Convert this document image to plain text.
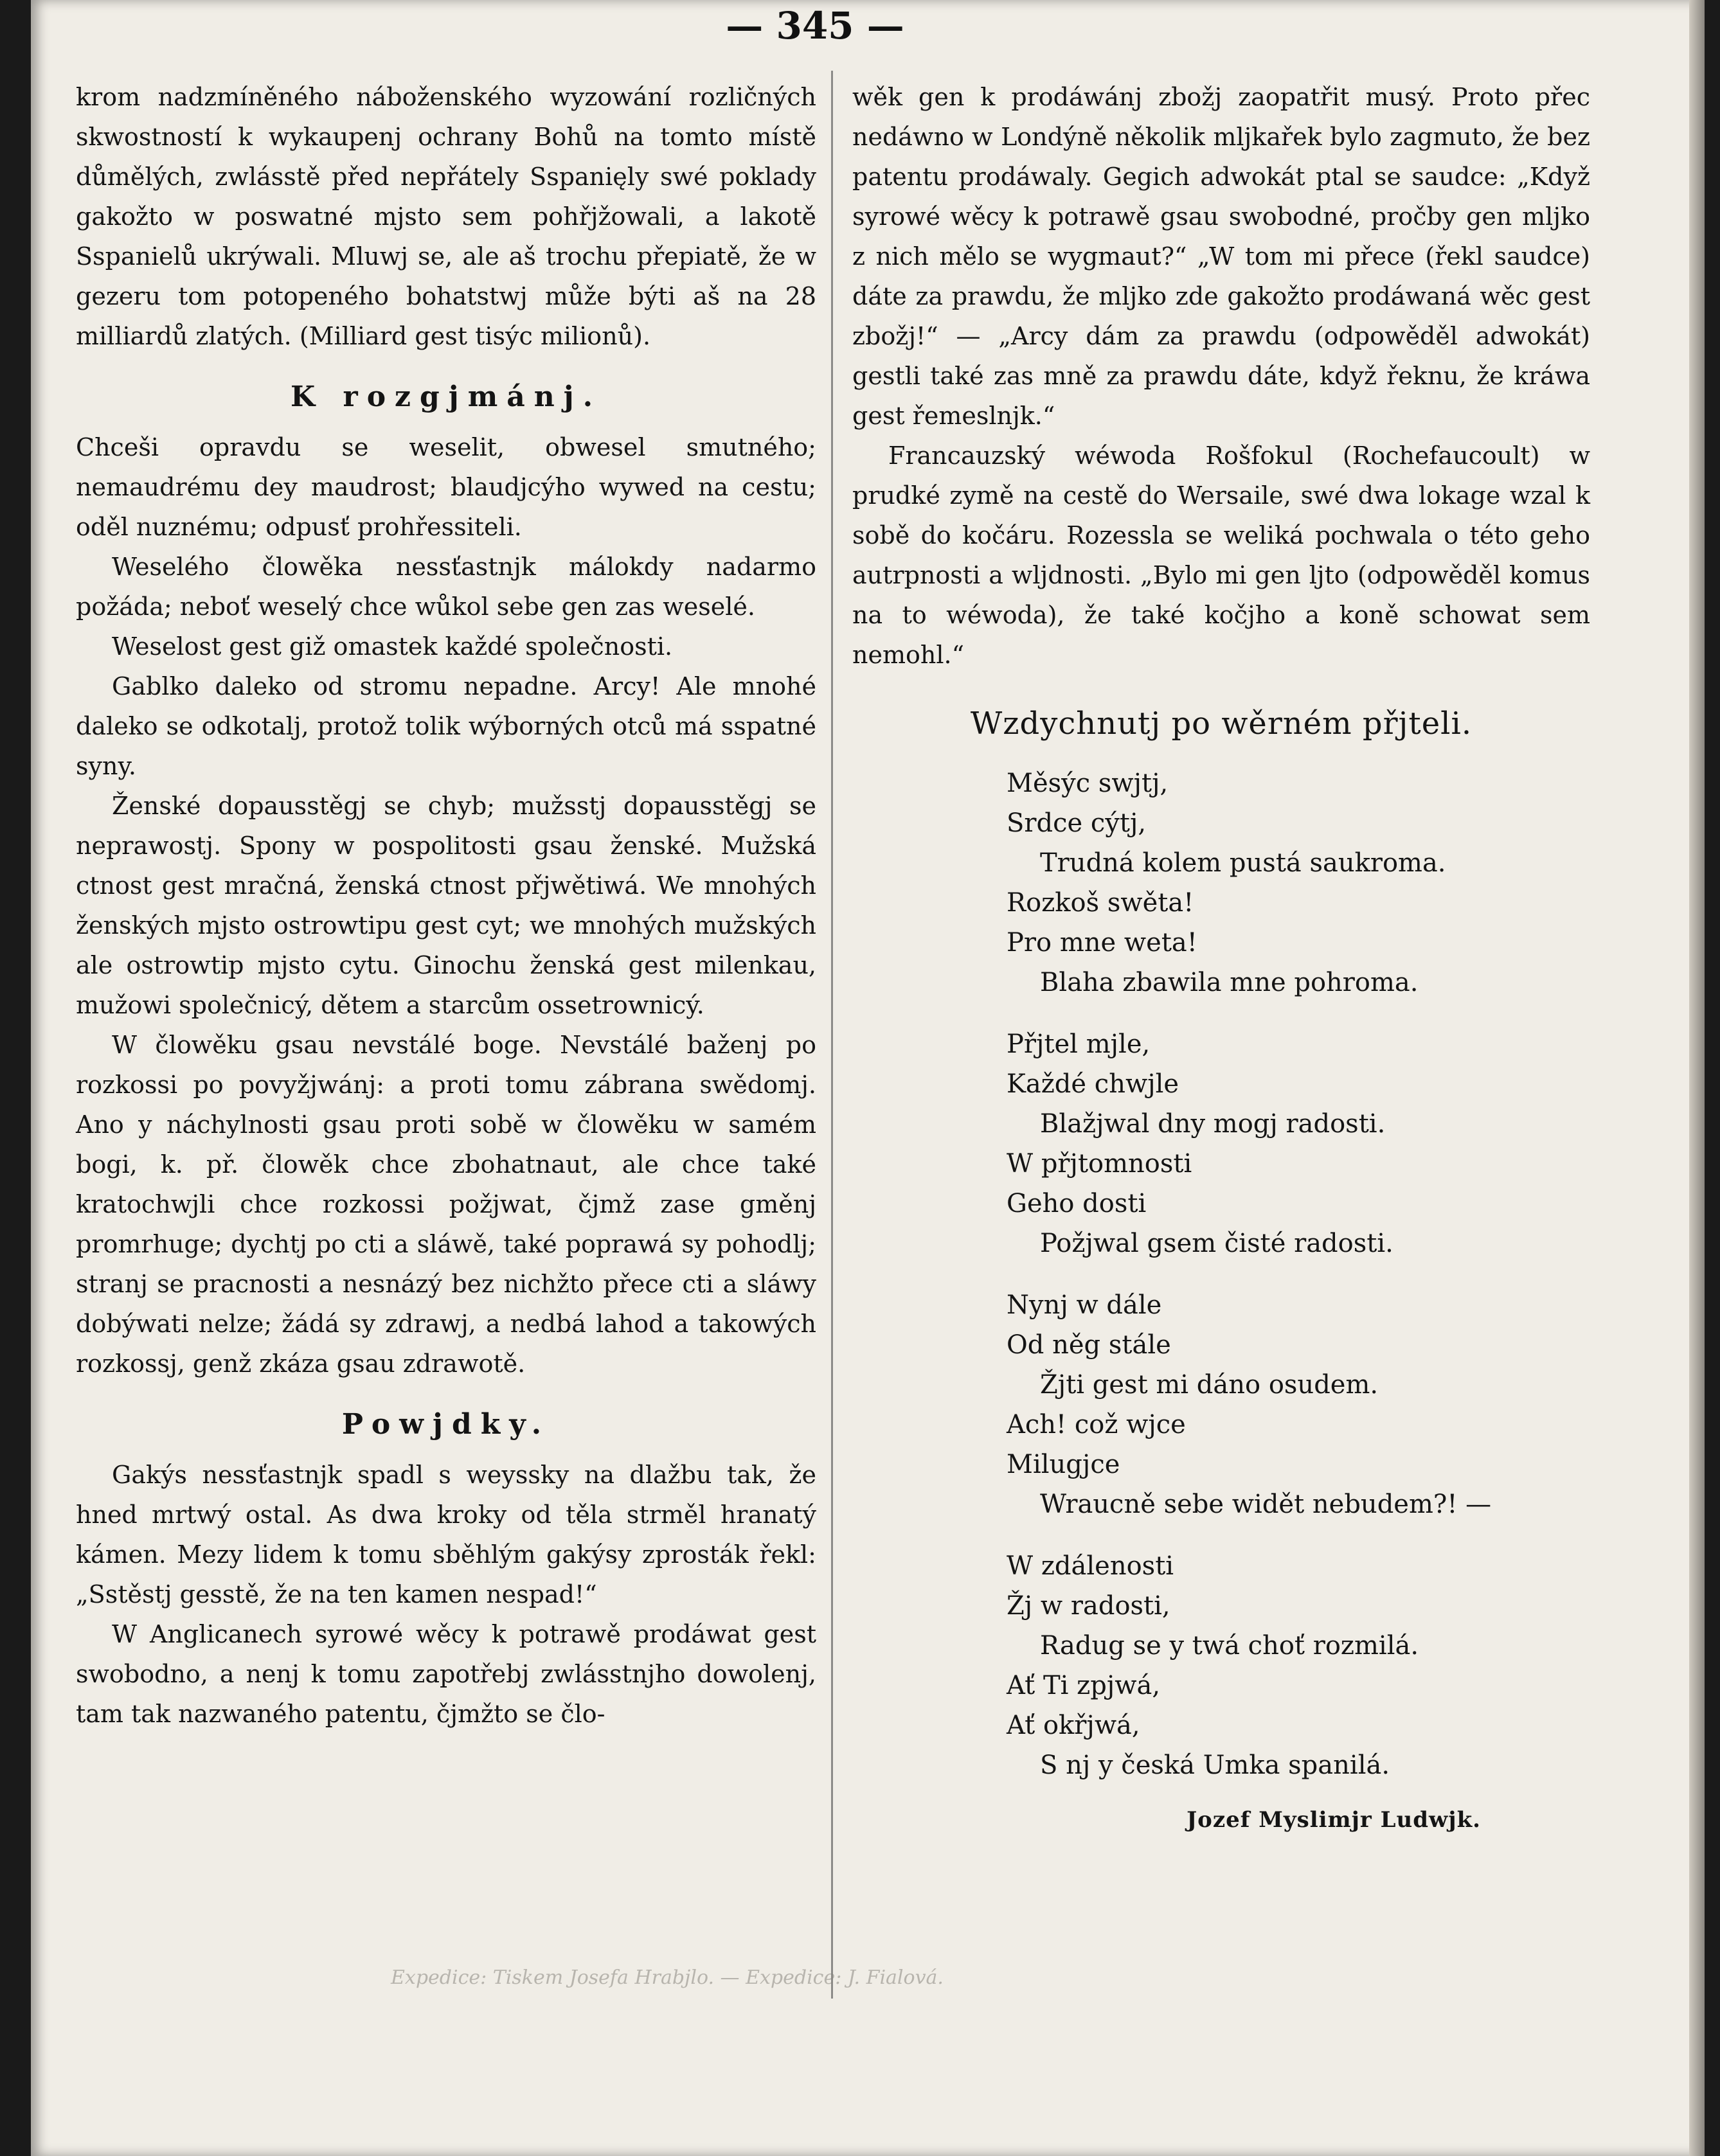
— 345 —

krom nadzmíněného náboženského wyzowání rozličných skwostností k wykaupenj ochrany Bohů na tomto místě důmělých, zwlásstě před nepřátely Sspanięly swé poklady gakožto w poswatné mjsto sem pohřjžowali, a lakotě Sspanielů ukrýwali. Mluwj se, ale aš trochu přepiatě, že w gezeru tom potopeného bohatstwj může býti aš na 28 milliardů zlatých. (Milliard gest tisýc milionů).

K rozgjmánj.

Chceši opravdu se weselit, obwesel smutného; nemaudrému dey maudrost; blaudjcýho wywed na cestu; oděl nuznému; odpusť prohřessiteli.

Weselého člowěka nessťastnjk málokdy nadarmo požáda; neboť weselý chce wůkol sebe gen zas weselé.

Weselost gest giž omastek každé společnosti.

Gablko daleko od stromu nepadne. Arcy! Ale mnohé daleko se odkotalj, protož tolik wýborných otců má sspatné syny.

Ženské dopausstěgj se chyb; mužsstj dopausstěgj se neprawostj. Spony w pospolitosti gsau ženské. Mužská ctnost gest mračná, ženská ctnost přjwětiwá. We mnohých ženských mjsto ostrowtipu gest cyt; we mnohých mužských ale ostrowtip mjsto cytu. Ginochu ženská gest milenkau, mužowi společnicý, dětem a starcům ossetrownicý.

W člowěku gsau nevstálé boge. Nevstálé baženj po rozkossi po povyžjwánj: a proti tomu zábrana swědomj. Ano y náchylnosti gsau proti sobě w člowěku w samém bogi, k. př. člowěk chce zbohatnaut, ale chce také kratochwjli chce rozkossi požjwat, čjmž zase gměnj promrhuge; dychtj po cti a sláwě, také poprawá sy pohodlj; stranj se pracnosti a nesnázý bez nichžto přece cti a sláwy dobýwati nelze; žádá sy zdrawj, a nedbá lahod a takowých rozkossj, genž zkáza gsau zdrawotě.

Powjdky.

Gakýs nessťastnjk spadl s weyssky na dlažbu tak, že hned mrtwý ostal. As dwa kroky od těla strměl hranatý kámen. Mezy lidem k tomu sběhlým gakýsy zprosták řekl: „Sstěstj gesstě, že na ten kamen nespad!“

W Anglicanech syrowé wěcy k potrawě prodáwat gest swobodno, a nenj k tomu zapotřebj zwlásstnjho dowolenj, tam tak nazwaného patentu, čjmžto se člo-

wěk gen k prodáwánj zbožj zaopatřit musý. Proto přec nedáwno w Londýně několik mljkařek bylo zagmuto, že bez patentu prodáwaly. Gegich adwokát ptal se saudce: „Když syrowé wěcy k potrawě gsau swobodné, pročby gen mljko z nich mělo se wygmaut?“ „W tom mi přece (řekl saudce) dáte za prawdu, že mljko zde gakožto prodáwaná wěc gest zbožj!“ — „Arcy dám za prawdu (odpowěděl adwokát) gestli také zas mně za prawdu dáte, když řeknu, že kráwa gest řemeslnjk.“

Francauzský wéwoda Rošfokul (Rochefaucoult) w prudké zymě na cestě do Wersaile, swé dwa lokage wzal k sobě do kočáru. Rozessla se weliká pochwala o této geho autrpnosti a wljdnosti. „Bylo mi gen ljto (odpowěděl komus na to wéwoda), že také kočjho a koně schowat sem nemohl.“

Wzdychnutj po wěrném přjteli.
Měsýc swjtj,
Srdce cýtj,
Trudná kolem pustá saukroma.
Rozkoš swěta!
Pro mne weta!
Blaha zbawila mne pohroma.
Přjtel mjle,
Každé chwjle
Blažjwal dny mogj radosti.
W přjtomnosti
Geho dosti
Požjwal gsem čisté radosti.
Nynj w dále
Od něg stále
Žjti gest mi dáno osudem.
Ach! což wjce
Milugjce
Wraucně sebe widět nebudem?! —
W zdálenosti
Žj w radosti,
Radug se y twá choť rozmilá.
Ať Ti zpjwá,
Ať okřjwá,
S nj y česká Umka spanilá.
Jozef Myslimjr Ludwjk.
Expedice: Tiskem Josefa Hrabjlo. — Expedice: J. Fialová.
